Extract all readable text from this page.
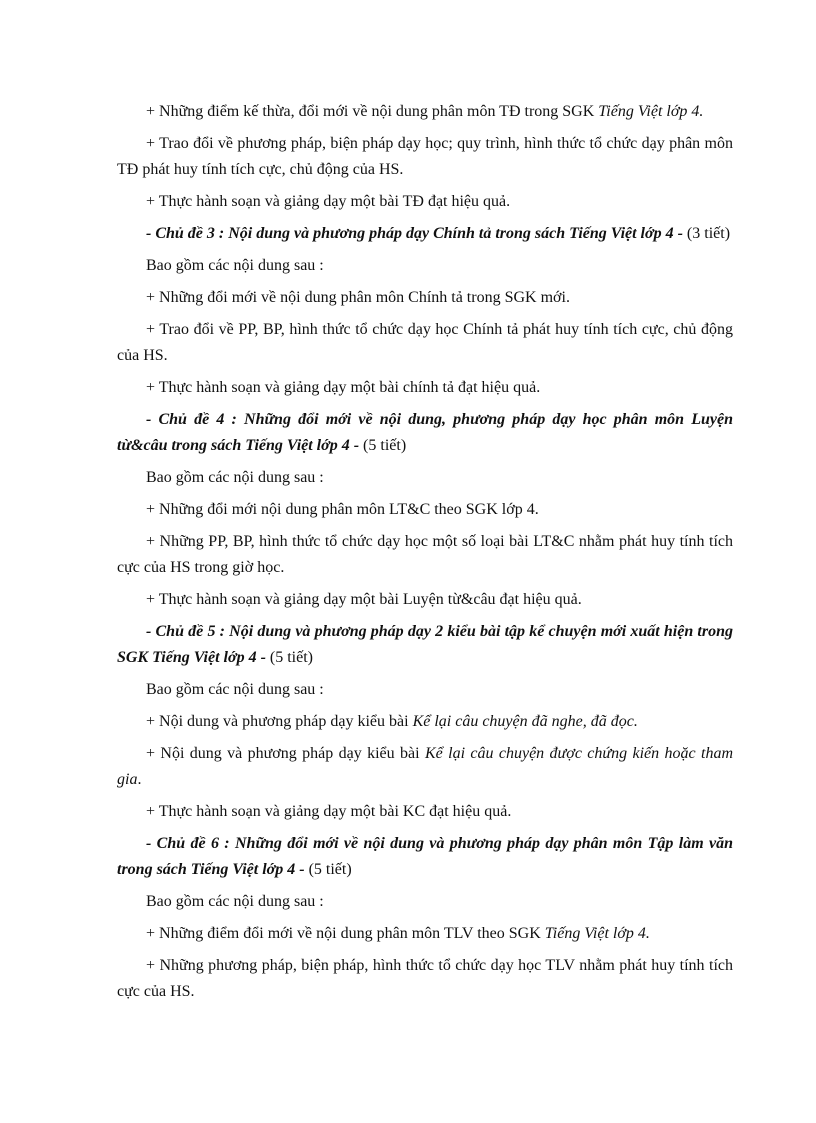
+ Những điểm kế thừa, đổi mới về nội dung phân môn TĐ trong SGK Tiếng Việt lớp 4.

+ Trao đổi về phương pháp, biện pháp dạy học; quy trình, hình thức tổ chức dạy phân môn TĐ phát huy tính tích cực, chủ động của HS.

+ Thực hành soạn và giảng dạy một bài TĐ đạt hiệu quả.

- Chủ đề 3 : Nội dung và phương pháp dạy Chính tả trong sách Tiếng Việt lớp 4 - (3 tiết)

Bao gồm các nội dung sau :

+ Những đổi mới về nội dung phân môn Chính tả trong SGK mới.

+ Trao đổi về PP, BP, hình thức tổ chức dạy học Chính tả phát huy tính tích cực, chủ động của HS.

+ Thực hành soạn và giảng dạy một bài chính tả đạt hiệu quả.

- Chủ đề 4 : Những đổi mới về nội dung, phương pháp dạy học phân môn Luyện từ&câu trong sách Tiếng Việt lớp 4 - (5 tiết)

Bao gồm các nội dung sau :

+ Những đổi mới nội dung phân môn LT&C theo SGK lớp 4.

+ Những PP, BP, hình thức tổ chức dạy học một số loại bài LT&C nhằm phát huy tính tích cực của HS trong giờ học.

+ Thực hành soạn và giảng dạy một bài Luyện từ&câu đạt hiệu quả.

- Chủ đề 5 : Nội dung và phương pháp dạy 2 kiểu bài tập kể chuyện mới xuất hiện trong SGK Tiếng Việt lớp 4 - (5 tiết)

Bao gồm các nội dung sau :

+ Nội dung và phương pháp dạy kiểu bài Kể lại câu chuyện đã nghe, đã đọc.

+ Nội dung và phương pháp dạy kiểu bài Kể lại câu chuyện được chứng kiến hoặc tham gia.

+ Thực hành soạn và giảng dạy một bài KC đạt hiệu quả.

- Chủ đề 6 : Những đổi mới về nội dung và phương pháp dạy phân môn Tập làm văn trong sách Tiếng Việt lớp 4 - (5 tiết)

Bao gồm các nội dung sau :

+ Những điểm đổi mới về nội dung phân môn TLV theo SGK Tiếng Việt lớp 4.

+ Những phương pháp, biện pháp, hình thức tổ chức dạy học TLV nhằm phát huy tính tích cực của HS.
